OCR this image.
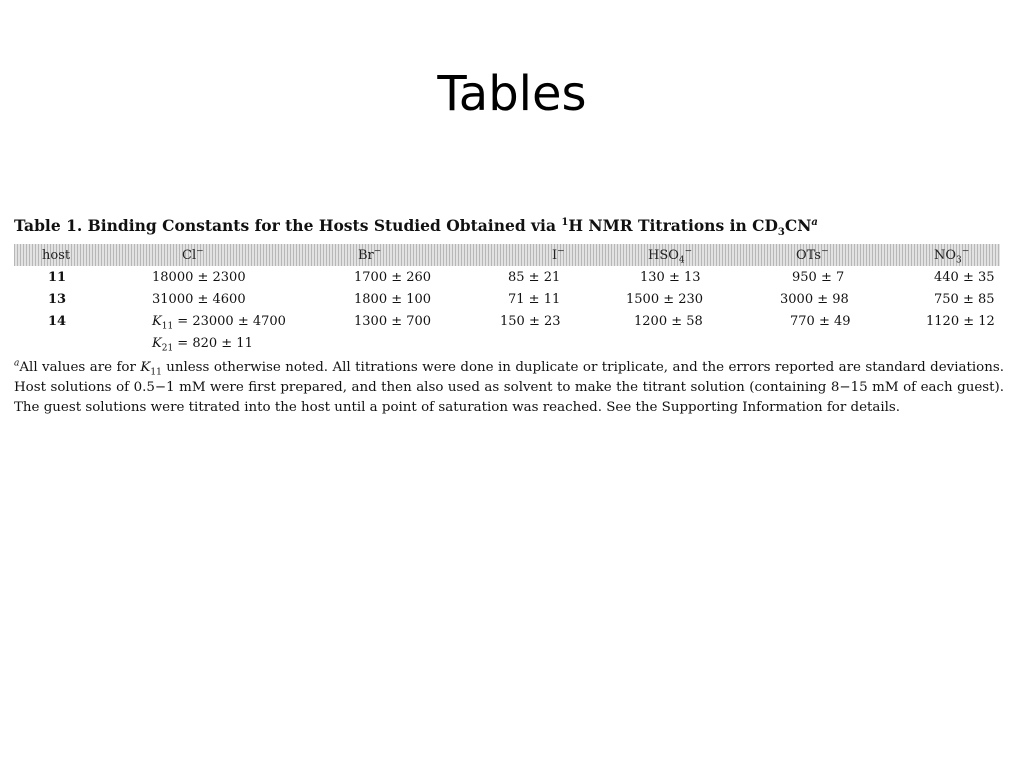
Tables
Table 1. Binding Constants for the Hosts Studied Obtained via $^1$H NMR Titrations in $CD_3CN^a$
host	Cl−	Br−	I−	$HSO_4^-$	OTs−	$NO_3^-$
11	18000 ± 2300	1700 ± 260	85 ± 21	130 ± 13	950 ± 7	440 ± 35
13	31000 ± 4600	1800 ± 100	71 ± 11	1500 ± 230	3000 ± 98	750 ± 85
14	$K_{11} = 23000 \pm 4700$	1300 ± 700	150 ± 23	1200 ± 58	770 ± 49	1120 ± 12
	$K_{21} = 820 \pm 11$					
$^a$All values are for $K_{11}$ unless otherwise noted. All titrations were done in duplicate or triplicate, and the errors reported are standard deviations. Host solutions of 0.5−1 mM were first prepared, and then also used as solvent to make the titrant solution (containing 8−15 mM of each guest). The guest solutions were titrated into the host until a point of saturation was reached. See the Supporting Information for details.
